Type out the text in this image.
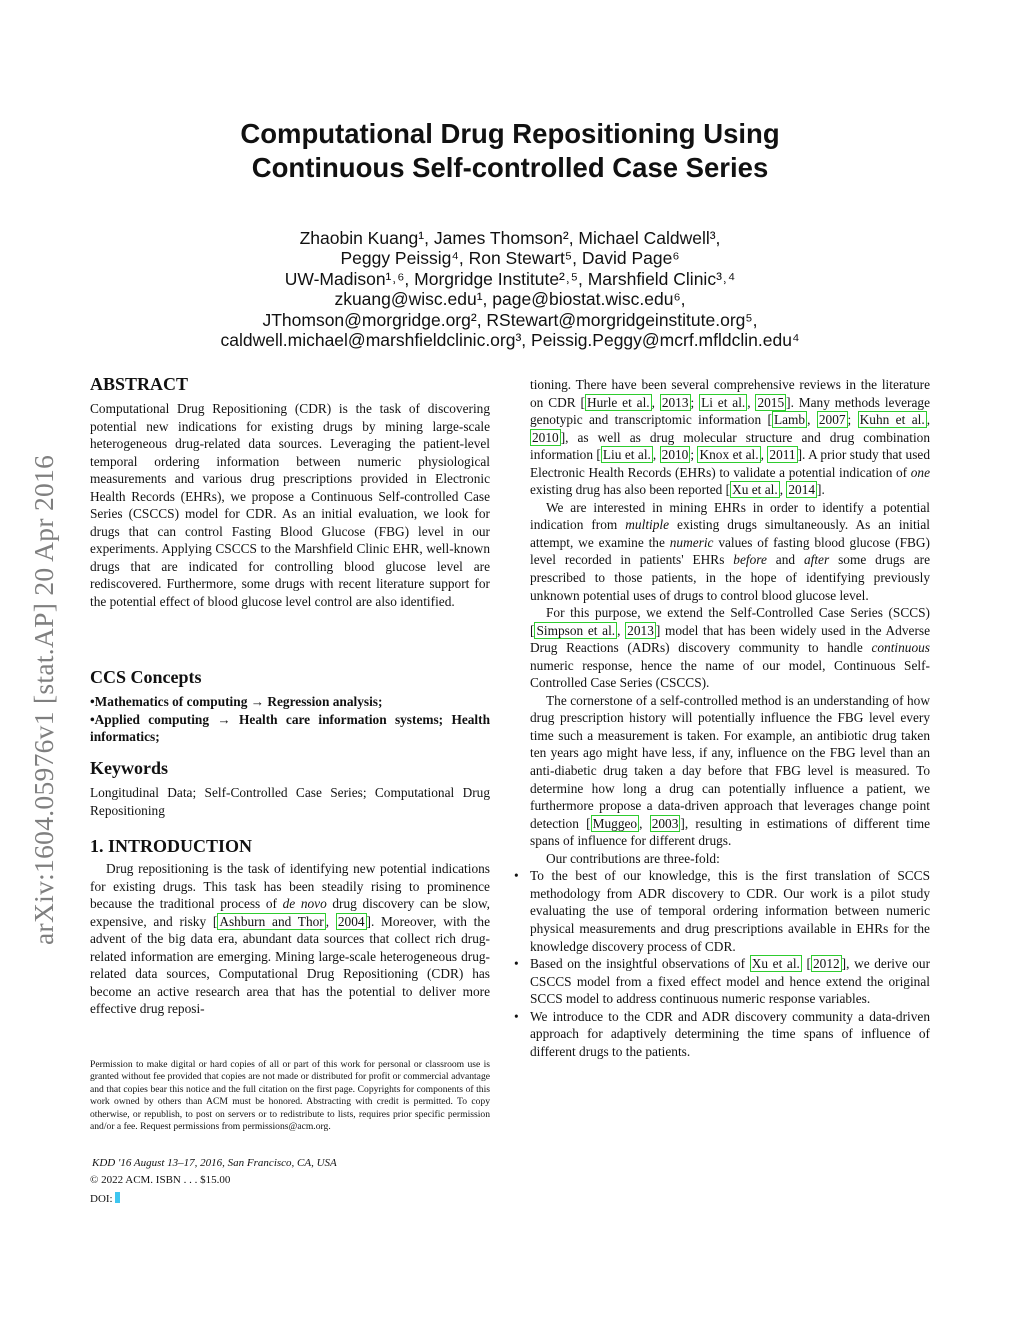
arXiv:1604.05976v1 [stat.AP] 20 Apr 2016
Computational Drug Repositioning Using
Continuous Self-controlled Case Series
Zhaobin Kuang¹, James Thomson², Michael Caldwell³,
Peggy Peissig⁴, Ron Stewart⁵, David Page⁶
UW-Madison¹˒⁶, Morgridge Institute²˒⁵, Marshfield Clinic³˒⁴
zkuang@wisc.edu¹, page@biostat.wisc.edu⁶,
JThomson@morgridge.org², RStewart@morgridgeinstitute.org⁵,
caldwell.michael@marshfieldclinic.org³, Peissig.Peggy@mcrf.mfldclin.edu⁴
ABSTRACT
Computational Drug Repositioning (CDR) is the task of discovering potential new indications for existing drugs by mining large-scale heterogeneous drug-related data sources. Leveraging the patient-level temporal ordering information between numeric physiological measurements and various drug prescriptions provided in Electronic Health Records (EHRs), we propose a Continuous Self-controlled Case Series (CSCCS) model for CDR. As an initial evaluation, we look for drugs that can control Fasting Blood Glucose (FBG) level in our experiments. Applying CSCCS to the Marshfield Clinic EHR, well-known drugs that are indicated for controlling blood glucose level are rediscovered. Furthermore, some drugs with recent literature support for the potential effect of blood glucose level control are also identified.
CCS Concepts
•Mathematics of computing → Regression analysis;
•Applied computing → Health care information systems; Health informatics;
Keywords
Longitudinal Data; Self-Controlled Case Series; Computational Drug Repositioning
1. INTRODUCTION

Drug repositioning is the task of identifying new potential indications for existing drugs. This task has been steadily rising to prominence because the traditional process of de novo drug discovery can be slow, expensive, and risky [ Ashburn and Thor , 2004 ]. Moreover, with the advent of the big data era, abundant data sources that collect rich drug-related information are emerging. Mining large-scale heterogeneous drug-related data sources, Computational Drug Repositioning (CDR) has become an active research area that has the potential to deliver more effective drug reposi-

Permission to make digital or hard copies of all or part of this work for personal or classroom use is granted without fee provided that copies are not made or distributed for profit or commercial advantage and that copies bear this notice and the full citation on the first page. Copyrights for components of this work owned by others than ACM must be honored. Abstracting with credit is permitted. To copy otherwise, or republish, to post on servers or to redistribute to lists, requires prior specific permission and/or a fee. Request permissions from permissions@acm.org.
KDD '16 August 13–17, 2016, San Francisco, CA, USA
© 2022 ACM. ISBN . . . $15.00
DOI:

tioning. There have been several comprehensive reviews in the literature on CDR [ Hurle et al. , 2013 ; Li et al. , 2015 ]. Many methods leverage genotypic and transcriptomic information [ Lamb , 2007 ; Kuhn et al. , 2010 ], as well as drug molecular structure and drug combination information [ Liu et al. , 2010 ; Knox et al. , 2011 ]. A prior study that used Electronic Health Records (EHRs) to validate a potential indication of one existing drug has also been reported [ Xu et al. , 2014 ].

We are interested in mining EHRs in order to identify a potential indication from multiple existing drugs simultaneously. As an initial attempt, we examine the numeric values of fasting blood glucose (FBG) level recorded in patients' EHRs before and after some drugs are prescribed to those patients, in the hope of identifying previously unknown potential uses of drugs to control blood glucose level.

For this purpose, we extend the Self-Controlled Case Series (SCCS) [ Simpson et al. , 2013 ] model that has been widely used in the Adverse Drug Reactions (ADRs) discovery community to handle continuous numeric response, hence the name of our model, Continuous Self-Controlled Case Series (CSCCS).

The cornerstone of a self-controlled method is an understanding of how drug prescription history will potentially influence the FBG level every time such a measurement is taken. For example, an antibiotic drug taken ten years ago might have less, if any, influence on the FBG level than an anti-diabetic drug taken a day before that FBG level is measured. To determine how long a drug can potentially influence a patient, we furthermore propose a data-driven approach that leverages change point detection [ Muggeo , 2003 ], resulting in estimations of different time spans of influence for different drugs.

Our contributions are three-fold:

• To the best of our knowledge, this is the first translation of SCCS methodology from ADR discovery to CDR. Our work is a pilot study evaluating the use of temporal ordering information between numeric physical measurements and drug prescriptions available in EHRs for the knowledge discovery process of CDR.
• Based on the insightful observations of Xu et al. [ 2012 ], we derive our CSCCS model from a fixed effect model and hence extend the original SCCS model to address continuous numeric response variables.
• We introduce to the CDR and ADR discovery community a data-driven approach for adaptively determining the time spans of influence of different drugs to the patients.
